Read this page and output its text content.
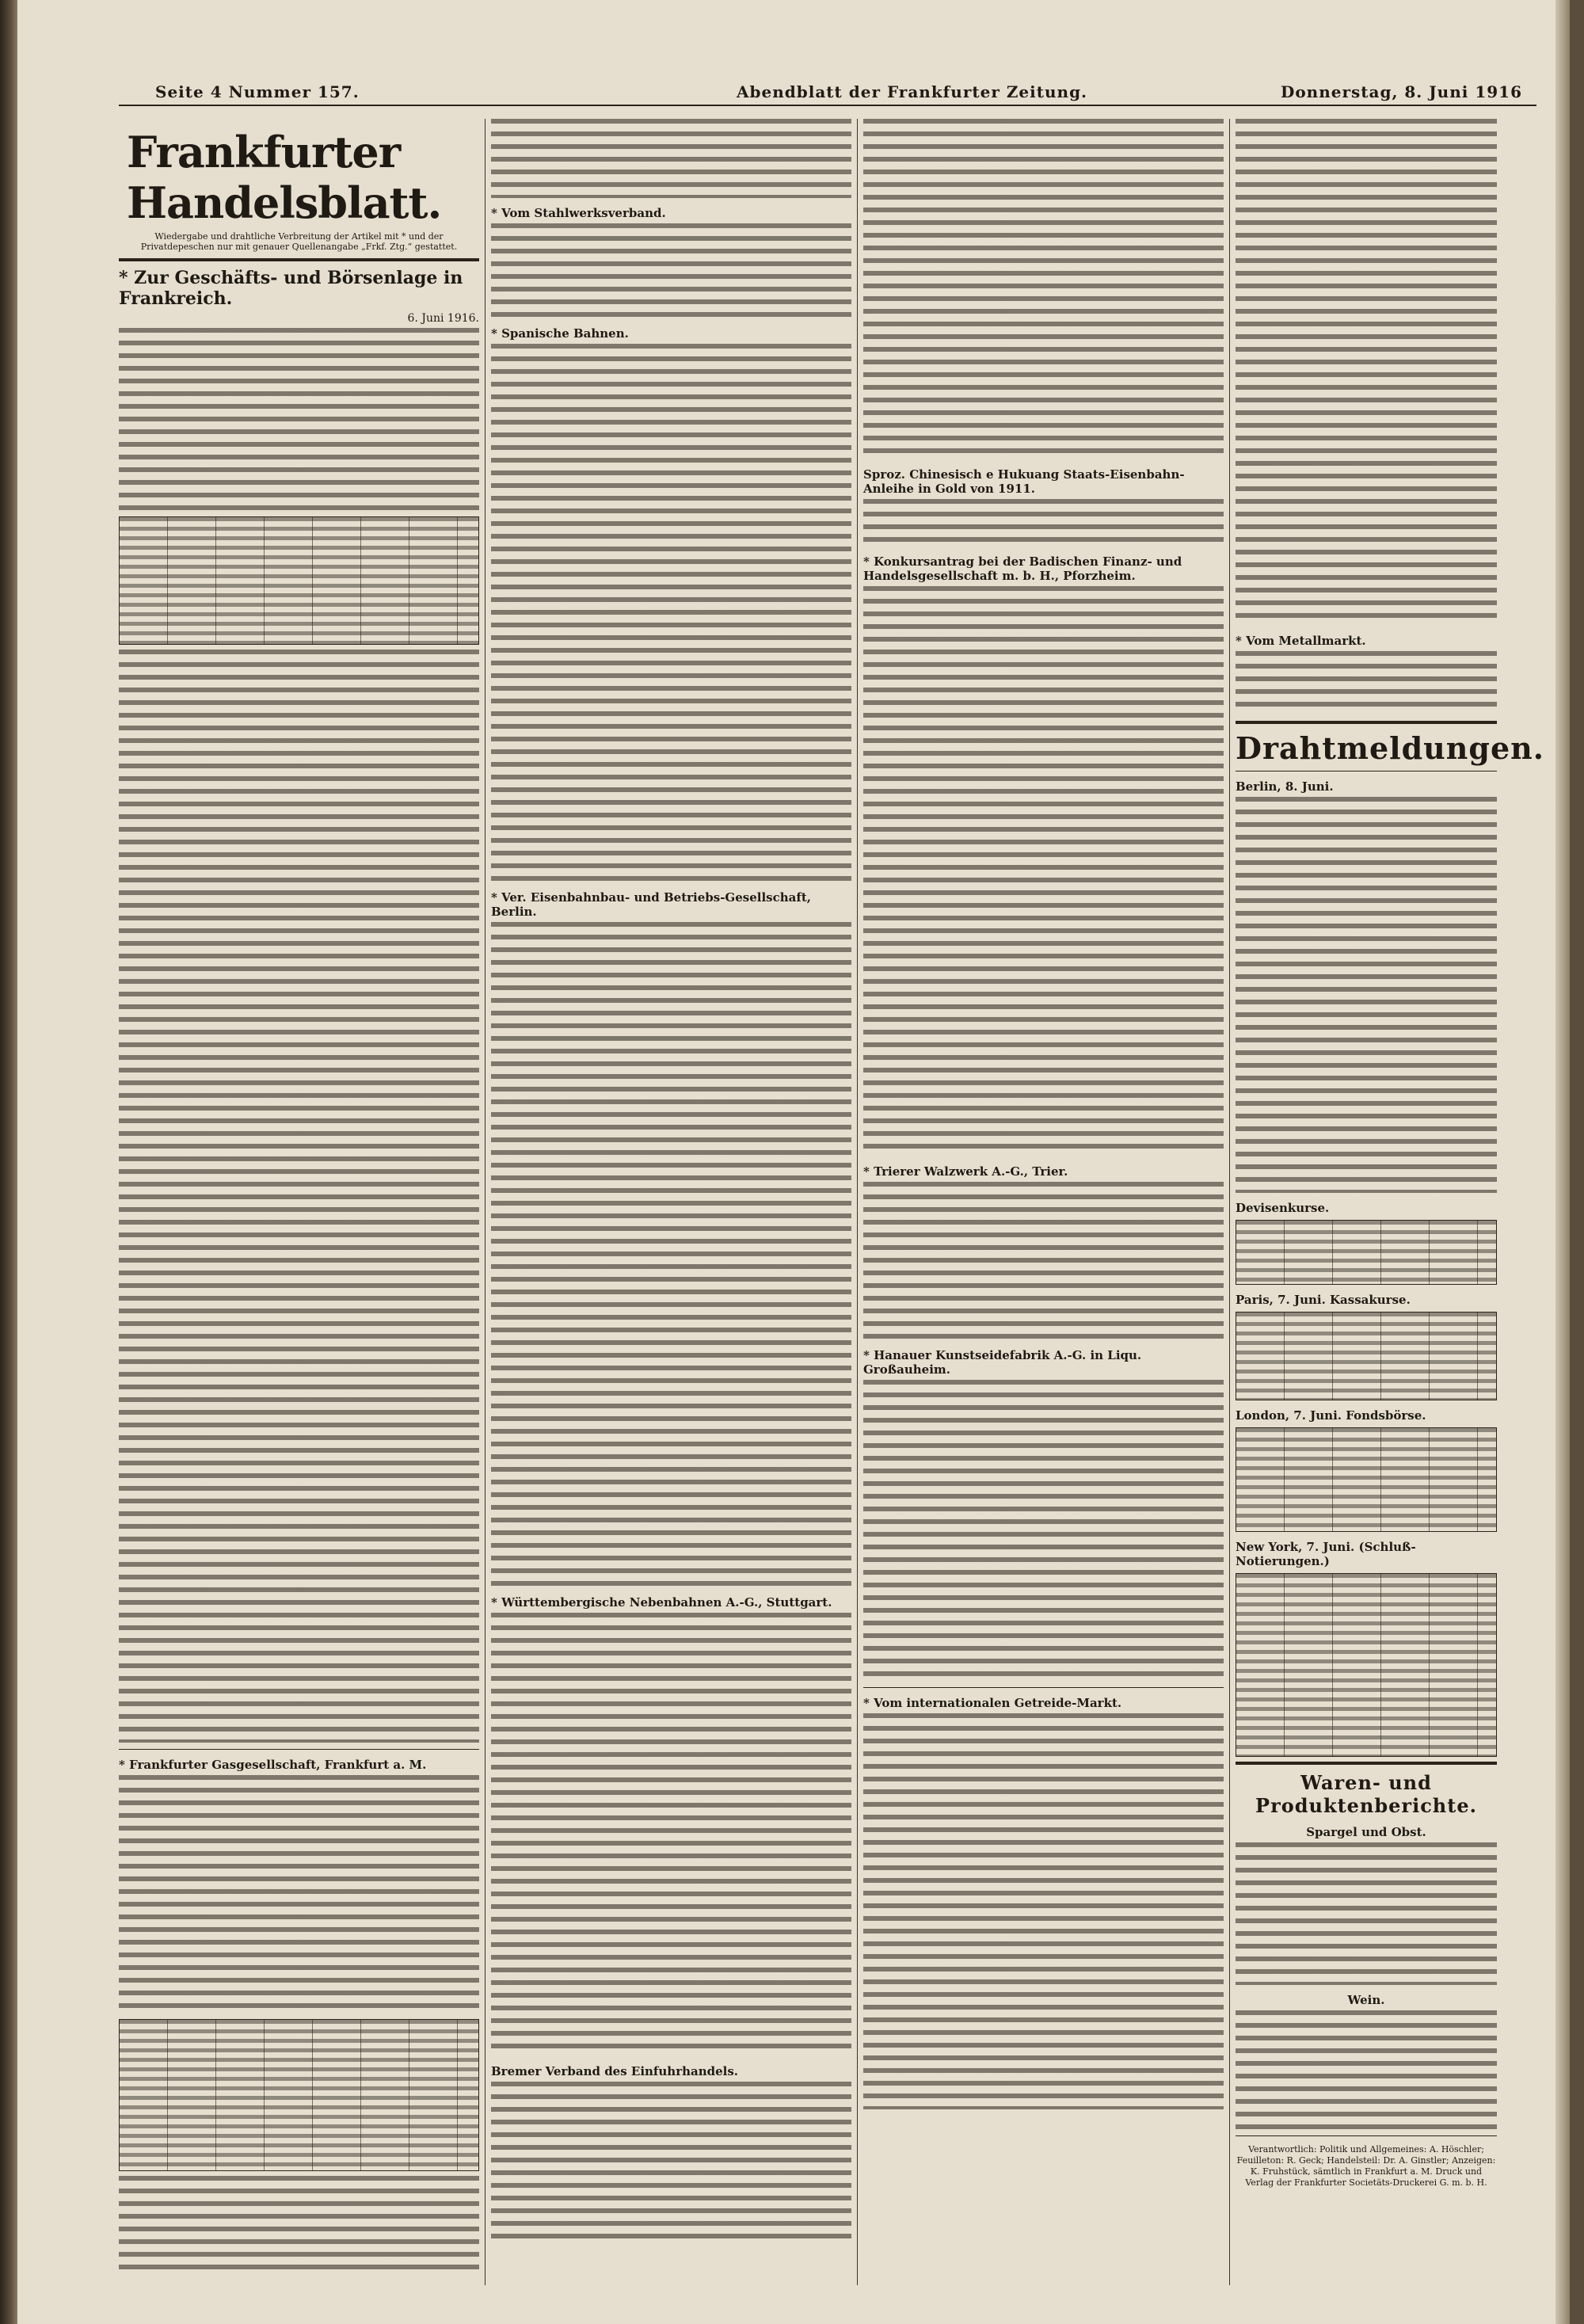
Seite 4 Nummer 157.	Abendblatt der Frankfurter Zeitung.	Donnerstag, 8. Juni 1916
Frankfurter Handelsblatt.
Wiedergabe und drahtliche Verbreitung der Artikel mit * und der Privatdepeschen nur mit genauer Quellenangabe „Frkf. Ztg.“ gestattet.
* Zur Geschäfts- und Börsenlage in Frankreich.
6. Juni 1916.
* Frankfurter Gasgesellschaft, Frankfurt a. M.
* Vom Stahlwerksverband.
* Spanische Bahnen.
* Ver. Eisenbahnbau- und Betriebs-Gesellschaft, Berlin.
* Württembergische Nebenbahnen A.-G., Stuttgart.
Bremer Verband des Einfuhrhandels.
Sproz. Chinesisch e Hukuang Staats-Eisenbahn-Anleihe in Gold von 1911.
* Konkursantrag bei der Badischen Finanz- und Handelsgesellschaft m. b. H., Pforzheim.
* Trierer Walzwerk A.-G., Trier.
* Hanauer Kunstseidefabrik A.-G. in Liqu. Großauheim.
* Vom internationalen Getreide-Markt.
* Vom Metallmarkt.
Drahtmeldungen.
Berlin, 8. Juni.
Devisenkurse.
Paris, 7. Juni. Kassakurse.
London, 7. Juni. Fondsbörse.
New York, 7. Juni. (Schluß-Notierungen.)
Waren- und Produktenberichte.
Spargel und Obst.
Wein.
Verantwortlich: Politik und Allgemeines: A. Höschler; Feuilleton: R. Geck; Handelsteil: Dr. A. Ginstler; Anzeigen: K. Fruhstück, sämtlich in Frankfurt a. M. Druck und Verlag der Frankfurter Societäts-Druckerei G. m. b. H.
